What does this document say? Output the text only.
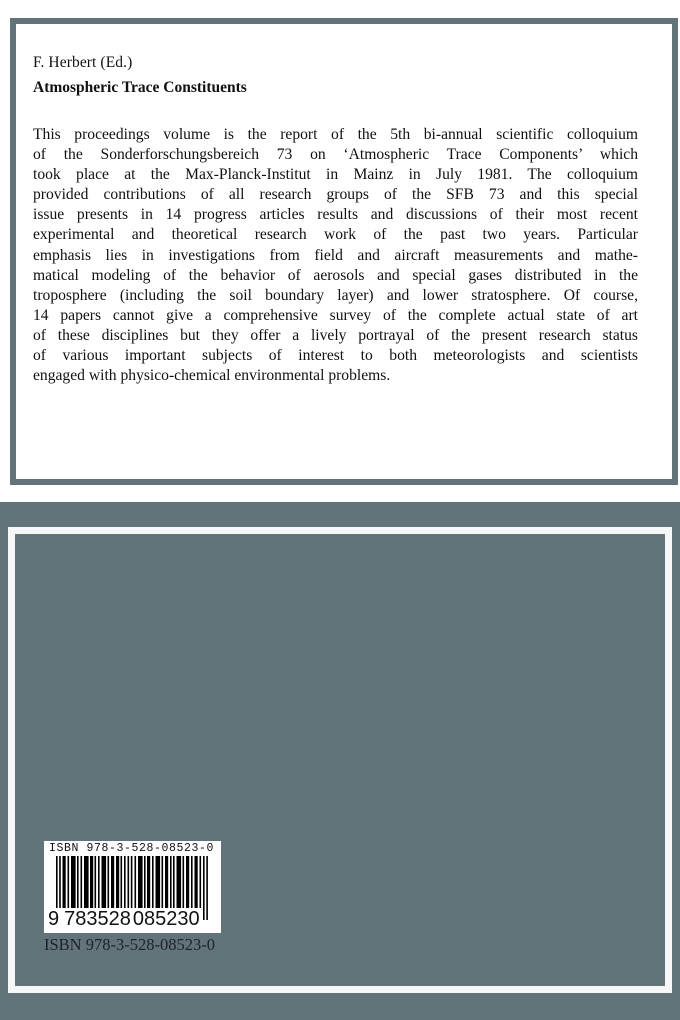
F. Herbert (Ed.)
Atmospheric Trace Constituents
This proceedings volume is the report of the 5th bi-annual scientific colloquium
of the Sonderforschungsbereich 73 on ‘Atmospheric Trace Components’ which
took place at the Max-Planck-Institut in Mainz in July 1981. The colloquium
provided contributions of all research groups of the SFB 73 and this special
issue presents in 14 progress articles results and discussions of their most recent
experimental and theoretical research work of the past two years. Particular
emphasis lies in investigations from field and aircraft measurements and mathe-
matical modeling of the behavior of aerosols and special gases distributed in the
troposphere (including the soil boundary layer) and lower stratosphere. Of course,
14 papers cannot give a comprehensive survey of the complete actual state of art
of these disciplines but they offer a lively portrayal of the present research status
of various important subjects of interest to both meteorologists and scientists
engaged with physico-chemical environmental problems.
ISBN 978-3-528-08523-0
9 783528 085230
ISBN 978-3-528-08523-0
